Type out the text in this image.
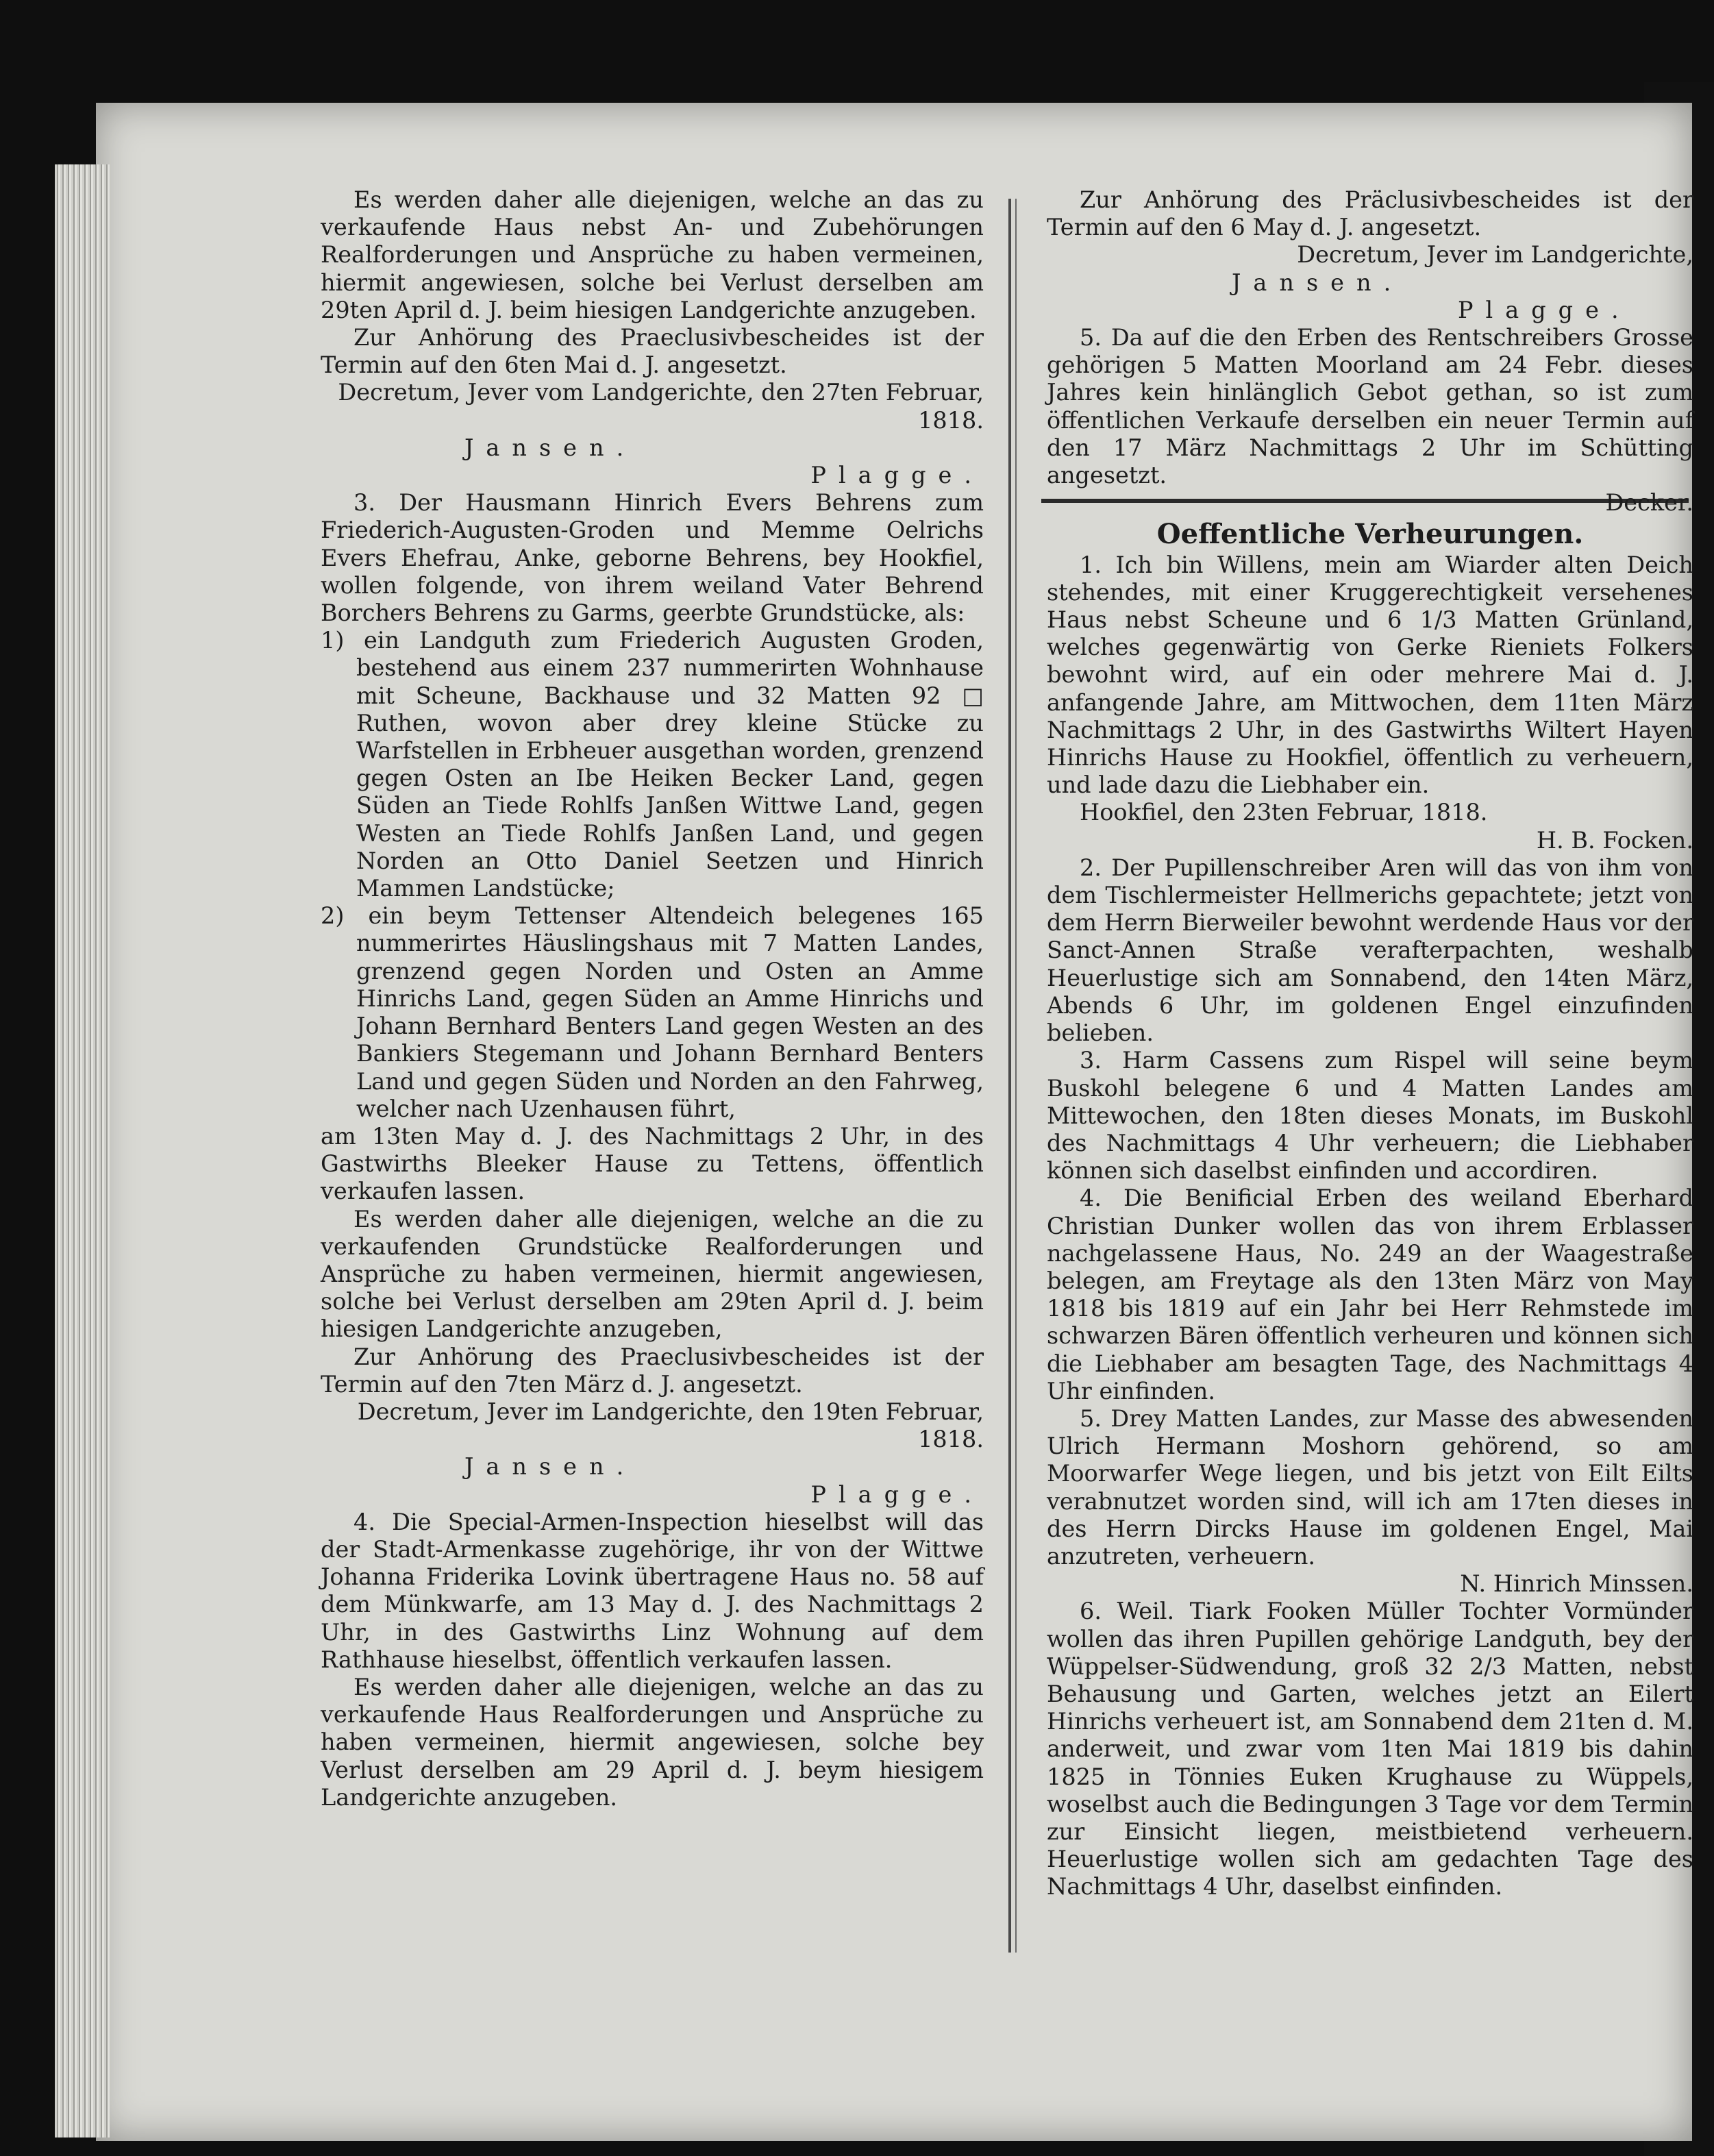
Es werden daher alle diejenigen, welche an das zu verkaufende Haus nebst An- und Zubehörungen Realforderungen und Ansprüche zu haben vermeinen, hiermit angewiesen, solche bei Verlust derselben am 29ten April d. J. beim hiesigen Landgerichte anzugeben.

Zur Anhörung des Praeclusivbescheides ist der Termin auf den 6ten Mai d. J. angesetzt.

Decretum, Jever vom Landgerichte, den 27ten Februar, 1818.

Jansen.

Plagge.

3. Der Hausmann Hinrich Evers Behrens zum Friederich-Augusten-Groden und Memme Oelrichs Evers Ehefrau, Anke, geborne Behrens, bey Hookfiel, wollen folgende, von ihrem weiland Vater Behrend Borchers Behrens zu Garms, geerbte Grundstücke, als:

1) ein Landguth zum Friederich Augusten Groden, bestehend aus einem 237 nummerirten Wohnhause mit Scheune, Backhause und 32 Matten 92 □ Ruthen, wovon aber drey kleine Stücke zu Warfstellen in Erbheuer ausgethan worden, grenzend gegen Osten an Ibe Heiken Becker Land, gegen Süden an Tiede Rohlfs Janßen Wittwe Land, gegen Westen an Tiede Rohlfs Janßen Land, und gegen Norden an Otto Daniel Seetzen und Hinrich Mammen Landstücke;

2) ein beym Tettenser Altendeich belegenes 165 nummerirtes Häuslingshaus mit 7 Matten Landes, grenzend gegen Norden und Osten an Amme Hinrichs Land, gegen Süden an Amme Hinrichs und Johann Bernhard Benters Land gegen Westen an des Bankiers Stegemann und Johann Bernhard Benters Land und gegen Süden und Norden an den Fahrweg, welcher nach Uzenhausen führt,

am 13ten May d. J. des Nachmittags 2 Uhr, in des Gastwirths Bleeker Hause zu Tettens, öffentlich verkaufen lassen.

Es werden daher alle diejenigen, welche an die zu verkaufenden Grundstücke Realforderungen und Ansprüche zu haben vermeinen, hiermit angewiesen, solche bei Verlust derselben am 29ten April d. J. beim hiesigen Landgerichte anzugeben,

Zur Anhörung des Praeclusivbescheides ist der Termin auf den 7ten März d. J. angesetzt.

Decretum, Jever im Landgerichte, den 19ten Februar, 1818.

Jansen.

Plagge.

4. Die Special-Armen-Inspection hieselbst will das der Stadt-Armenkasse zugehörige, ihr von der Wittwe Johanna Friderika Lovink übertragene Haus no. 58 auf dem Münkwarfe, am 13 May d. J. des Nachmittags 2 Uhr, in des Gastwirths Linz Wohnung auf dem Rathhause hieselbst, öffentlich verkaufen lassen.

Es werden daher alle diejenigen, welche an das zu verkaufende Haus Realforderungen und Ansprüche zu haben vermeinen, hiermit angewiesen, solche bey Verlust derselben am 29 April d. J. beym hiesigem Landgerichte anzugeben.

Zur Anhörung des Präclusivbescheides ist der Termin auf den 6 May d. J. angesetzt.

Decretum, Jever im Landgerichte,

Jansen.

Plagge.

5. Da auf die den Erben des Rentschreibers Grosse gehörigen 5 Matten Moorland am 24 Febr. dieses Jahres kein hinlänglich Gebot gethan, so ist zum öffentlichen Verkaufe derselben ein neuer Termin auf den 17 März Nachmittags 2 Uhr im Schütting angesetzt.

Decker.

Oeffentliche Verheurungen.

1. Ich bin Willens, mein am Wiarder alten Deich stehendes, mit einer Kruggerechtigkeit versehenes Haus nebst Scheune und 6 1/3 Matten Grünland, welches gegenwärtig von Gerke Rieniets Folkers bewohnt wird, auf ein oder mehrere Mai d. J. anfangende Jahre, am Mittwochen, dem 11ten März Nachmittags 2 Uhr, in des Gastwirths Wiltert Hayen Hinrichs Hause zu Hookfiel, öffentlich zu verheuern, und lade dazu die Liebhaber ein.

Hookfiel, den 23ten Februar, 1818.

H. B. Focken.

2. Der Pupillenschreiber Aren will das von ihm von dem Tischlermeister Hellmerichs gepachtete; jetzt von dem Herrn Bierweiler bewohnt werdende Haus vor der Sanct-Annen Straße verafterpachten, weshalb Heuerlustige sich am Sonnabend, den 14ten März, Abends 6 Uhr, im goldenen Engel einzufinden belieben.

3. Harm Cassens zum Rispel will seine beym Buskohl belegene 6 und 4 Matten Landes am Mittewochen, den 18ten dieses Monats, im Buskohl des Nachmittags 4 Uhr verheuern; die Liebhaber können sich daselbst einfinden und accordiren.

4. Die Benificial Erben des weiland Eberhard Christian Dunker wollen das von ihrem Erblasser nachgelassene Haus, No. 249 an der Waagestraße belegen, am Freytage als den 13ten März von May 1818 bis 1819 auf ein Jahr bei Herr Rehmstede im schwarzen Bären öffentlich verheuren und können sich die Liebhaber am besagten Tage, des Nachmittags 4 Uhr einfinden.

5. Drey Matten Landes, zur Masse des abwesenden Ulrich Hermann Moshorn gehörend, so am Moorwarfer Wege liegen, und bis jetzt von Eilt Eilts verabnutzet worden sind, will ich am 17ten dieses in des Herrn Dircks Hause im goldenen Engel, Mai anzutreten, verheuern.

N. Hinrich Minssen.

6. Weil. Tiark Fooken Müller Tochter Vormünder wollen das ihren Pupillen gehörige Landguth, bey der Wüppelser-Südwendung, groß 32 2/3 Matten, nebst Behausung und Garten, welches jetzt an Eilert Hinrichs verheuert ist, am Sonnabend dem 21ten d. M. anderweit, und zwar vom 1ten Mai 1819 bis dahin 1825 in Tönnies Euken Krughause zu Wüppels, woselbst auch die Bedingungen 3 Tage vor dem Termin zur Einsicht liegen, meistbietend verheuern. Heuerlustige wollen sich am gedachten Tage des Nachmittags 4 Uhr, daselbst einfinden.
